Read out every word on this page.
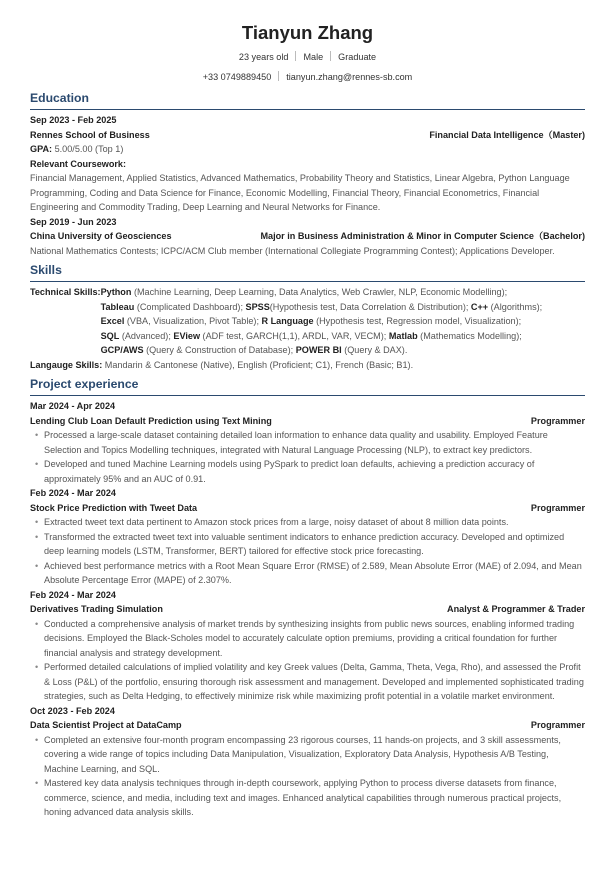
Tianyun Zhang
23 years old Male Graduate
+33 0749889450 tianyun.zhang@rennes-sb.com
Education
Sep 2023 - Feb 2025
Rennes School of Business	Financial Data Intelligence（Master)
GPA: 5.00/5.00 (Top 1)
Relevant Coursework:
Financial Management, Applied Statistics, Advanced Mathematics, Probability Theory and Statistics, Linear Algebra, Python Language Programming, Coding and Data Science for Finance, Economic Modelling, Financial Theory, Financial Econometrics, Financial Engineering and Commodity Trading, Deep Learning and Neural Networks for Finance.
Sep 2019 - Jun 2023
China University of Geosciences	Major in Business Administration & Minor in Computer Science（Bachelor)
National Mathematics Contests; ICPC/ACM Club member (International Collegiate Programming Contest); Applications Developer.
Skills
Technical Skills: Python (Machine Learning, Deep Learning, Data Analytics, Web Crawler, NLP, Economic Modelling);
Tableau (Complicated Dashboard); SPSS(Hypothesis test, Data Correlation & Distribution); C++ (Algorithms);
Excel (VBA, Visualization, Pivot Table); R Language (Hypothesis test, Regression model, Visualization);
SQL (Advanced); EView (ADF test, GARCH(1,1), ARDL, VAR, VECM); Matlab (Mathematics Modelling);
GCP/AWS (Query & Construction of Database); POWER BI (Query & DAX).
Langauge Skills: Mandarin & Cantonese (Native), English (Proficient; C1), French (Basic; B1).
Project experience
Mar 2024 - Apr 2024
Lending Club Loan Default Prediction using Text Mining	Programmer
• Processed a large-scale dataset containing detailed loan information to enhance data quality and usability. Employed Feature Selection and Topics Modelling techniques, integrated with Natural Language Processing (NLP), to extract key predictors.
• Developed and tuned Machine Learning models using PySpark to predict loan defaults, achieving a prediction accuracy of approximately 95% and an AUC of 0.91.
Feb 2024 - Mar 2024
Stock Price Prediction with Tweet Data	Programmer
• Extracted tweet text data pertinent to Amazon stock prices from a large, noisy dataset of about 8 million data points.
• Transformed the extracted tweet text into valuable sentiment indicators to enhance prediction accuracy. Developed and optimized deep learning models (LSTM, Transformer, BERT) tailored for effective stock price forecasting.
• Achieved best performance metrics with a Root Mean Square Error (RMSE) of 2.589, Mean Absolute Error (MAE) of 2.094, and Mean Absolute Percentage Error (MAPE) of 2.307%.
Feb 2024 - Mar 2024
Derivatives Trading Simulation	Analyst & Programmer & Trader
• Conducted a comprehensive analysis of market trends by synthesizing insights from public news sources, enabling informed trading decisions. Employed the Black-Scholes model to accurately calculate option premiums, providing a critical foundation for further financial analysis and strategy development.
• Performed detailed calculations of implied volatility and key Greek values (Delta, Gamma, Theta, Vega, Rho), and assessed the Profit & Loss (P&L) of the portfolio, ensuring thorough risk assessment and management. Developed and implemented sophisticated trading strategies, such as Delta Hedging, to effectively minimize risk while maximizing profit potential in a volatile market environment.
Oct 2023 - Feb 2024
Data Scientist Project at DataCamp	Programmer
• Completed an extensive four-month program encompassing 23 rigorous courses, 11 hands-on projects, and 3 skill assessments, covering a wide range of topics including Data Manipulation, Visualization, Exploratory Data Analysis, Hypothesis A/B Testing, Machine Learning, and SQL.
• Mastered key data analysis techniques through in-depth coursework, applying Python to process diverse datasets from finance, commerce, science, and media, including text and images. Enhanced analytical capabilities through numerous practical projects, honing advanced data analysis skills.
